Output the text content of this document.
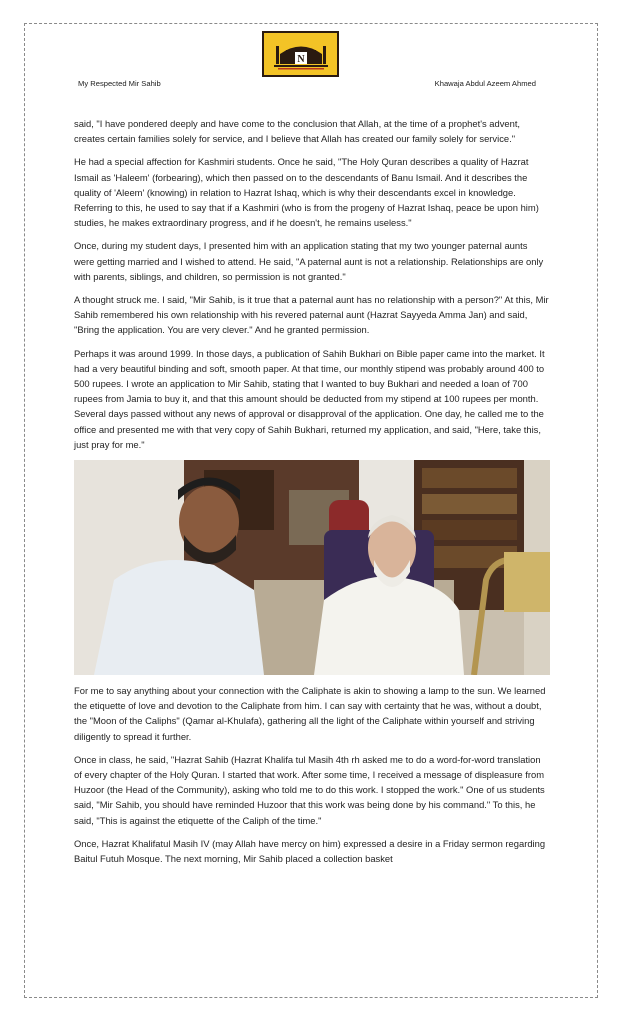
N
My Respected Mir Sahib	Khawaja Abdul Azeem Ahmed

said, "I have pondered deeply and have come to the conclusion that Allah, at the time of a prophet's advent, creates certain families solely for service, and I believe that Allah has created our family solely for service."

He had a special affection for Kashmiri students. Once he said, "The Holy Quran describes a quality of Hazrat Ismail as 'Haleem' (forbearing), which then passed on to the descendants of Banu Ismail. And it describes the quality of 'Aleem' (knowing) in relation to Hazrat Ishaq, which is why their descendants excel in knowledge. Referring to this, he used to say that if a Kashmiri (who is from the progeny of Hazrat Ishaq, peace be upon him) studies, he makes extraordinary progress, and if he doesn't, he remains useless."

Once, during my student days, I presented him with an application stating that my two younger paternal aunts were getting married and I wished to attend. He said, "A paternal aunt is not a relationship. Relationships are only with parents, siblings, and children, so permission is not granted."

A thought struck me. I said, "Mir Sahib, is it true that a paternal aunt has no relationship with a person?" At this, Mir Sahib remembered his own relationship with his revered paternal aunt (Hazrat Sayyeda Amma Jan) and said, "Bring the application. You are very clever." And he granted permission.

Perhaps it was around 1999. In those days, a publication of Sahih Bukhari on Bible paper came into the market. It had a very beautiful binding and soft, smooth paper. At that time, our monthly stipend was probably around 400 to 500 rupees. I wrote an application to Mir Sahib, stating that I wanted to buy Bukhari and needed a loan of 700 rupees from Jamia to buy it, and that this amount should be deducted from my stipend at 100 rupees per month. Several days passed without any news of approval or disapproval of the application. One day, he called me to the office and presented me with that very copy of Sahih Bukhari, returned my application, and said, "Here, take this, just pray for me."

For me to say anything about your connection with the Caliphate is akin to showing a lamp to the sun. We learned the etiquette of love and devotion to the Caliphate from him. I can say with certainty that he was, without a doubt, the "Moon of the Caliphs" (Qamar al-Khulafa), gathering all the light of the Caliphate within yourself and striving diligently to spread it further.

Once in class, he said, "Hazrat Sahib (Hazrat Khalifa tul Masih 4th rh asked me to do a word-for-word translation of every chapter of the Holy Quran. I started that work. After some time, I received a message of displeasure from Huzoor (the Head of the Community), asking who told me to do this work. I stopped the work." One of us students said, "Mir Sahib, you should have reminded Huzoor that this work was being done by his command." To this, he said, "This is against the etiquette of the Caliph of the time."

Once, Hazrat Khalifatul Masih IV (may Allah have mercy on him) expressed a desire in a Friday sermon regarding Baitul Futuh Mosque. The next morning, Mir Sahib placed a collection basket
